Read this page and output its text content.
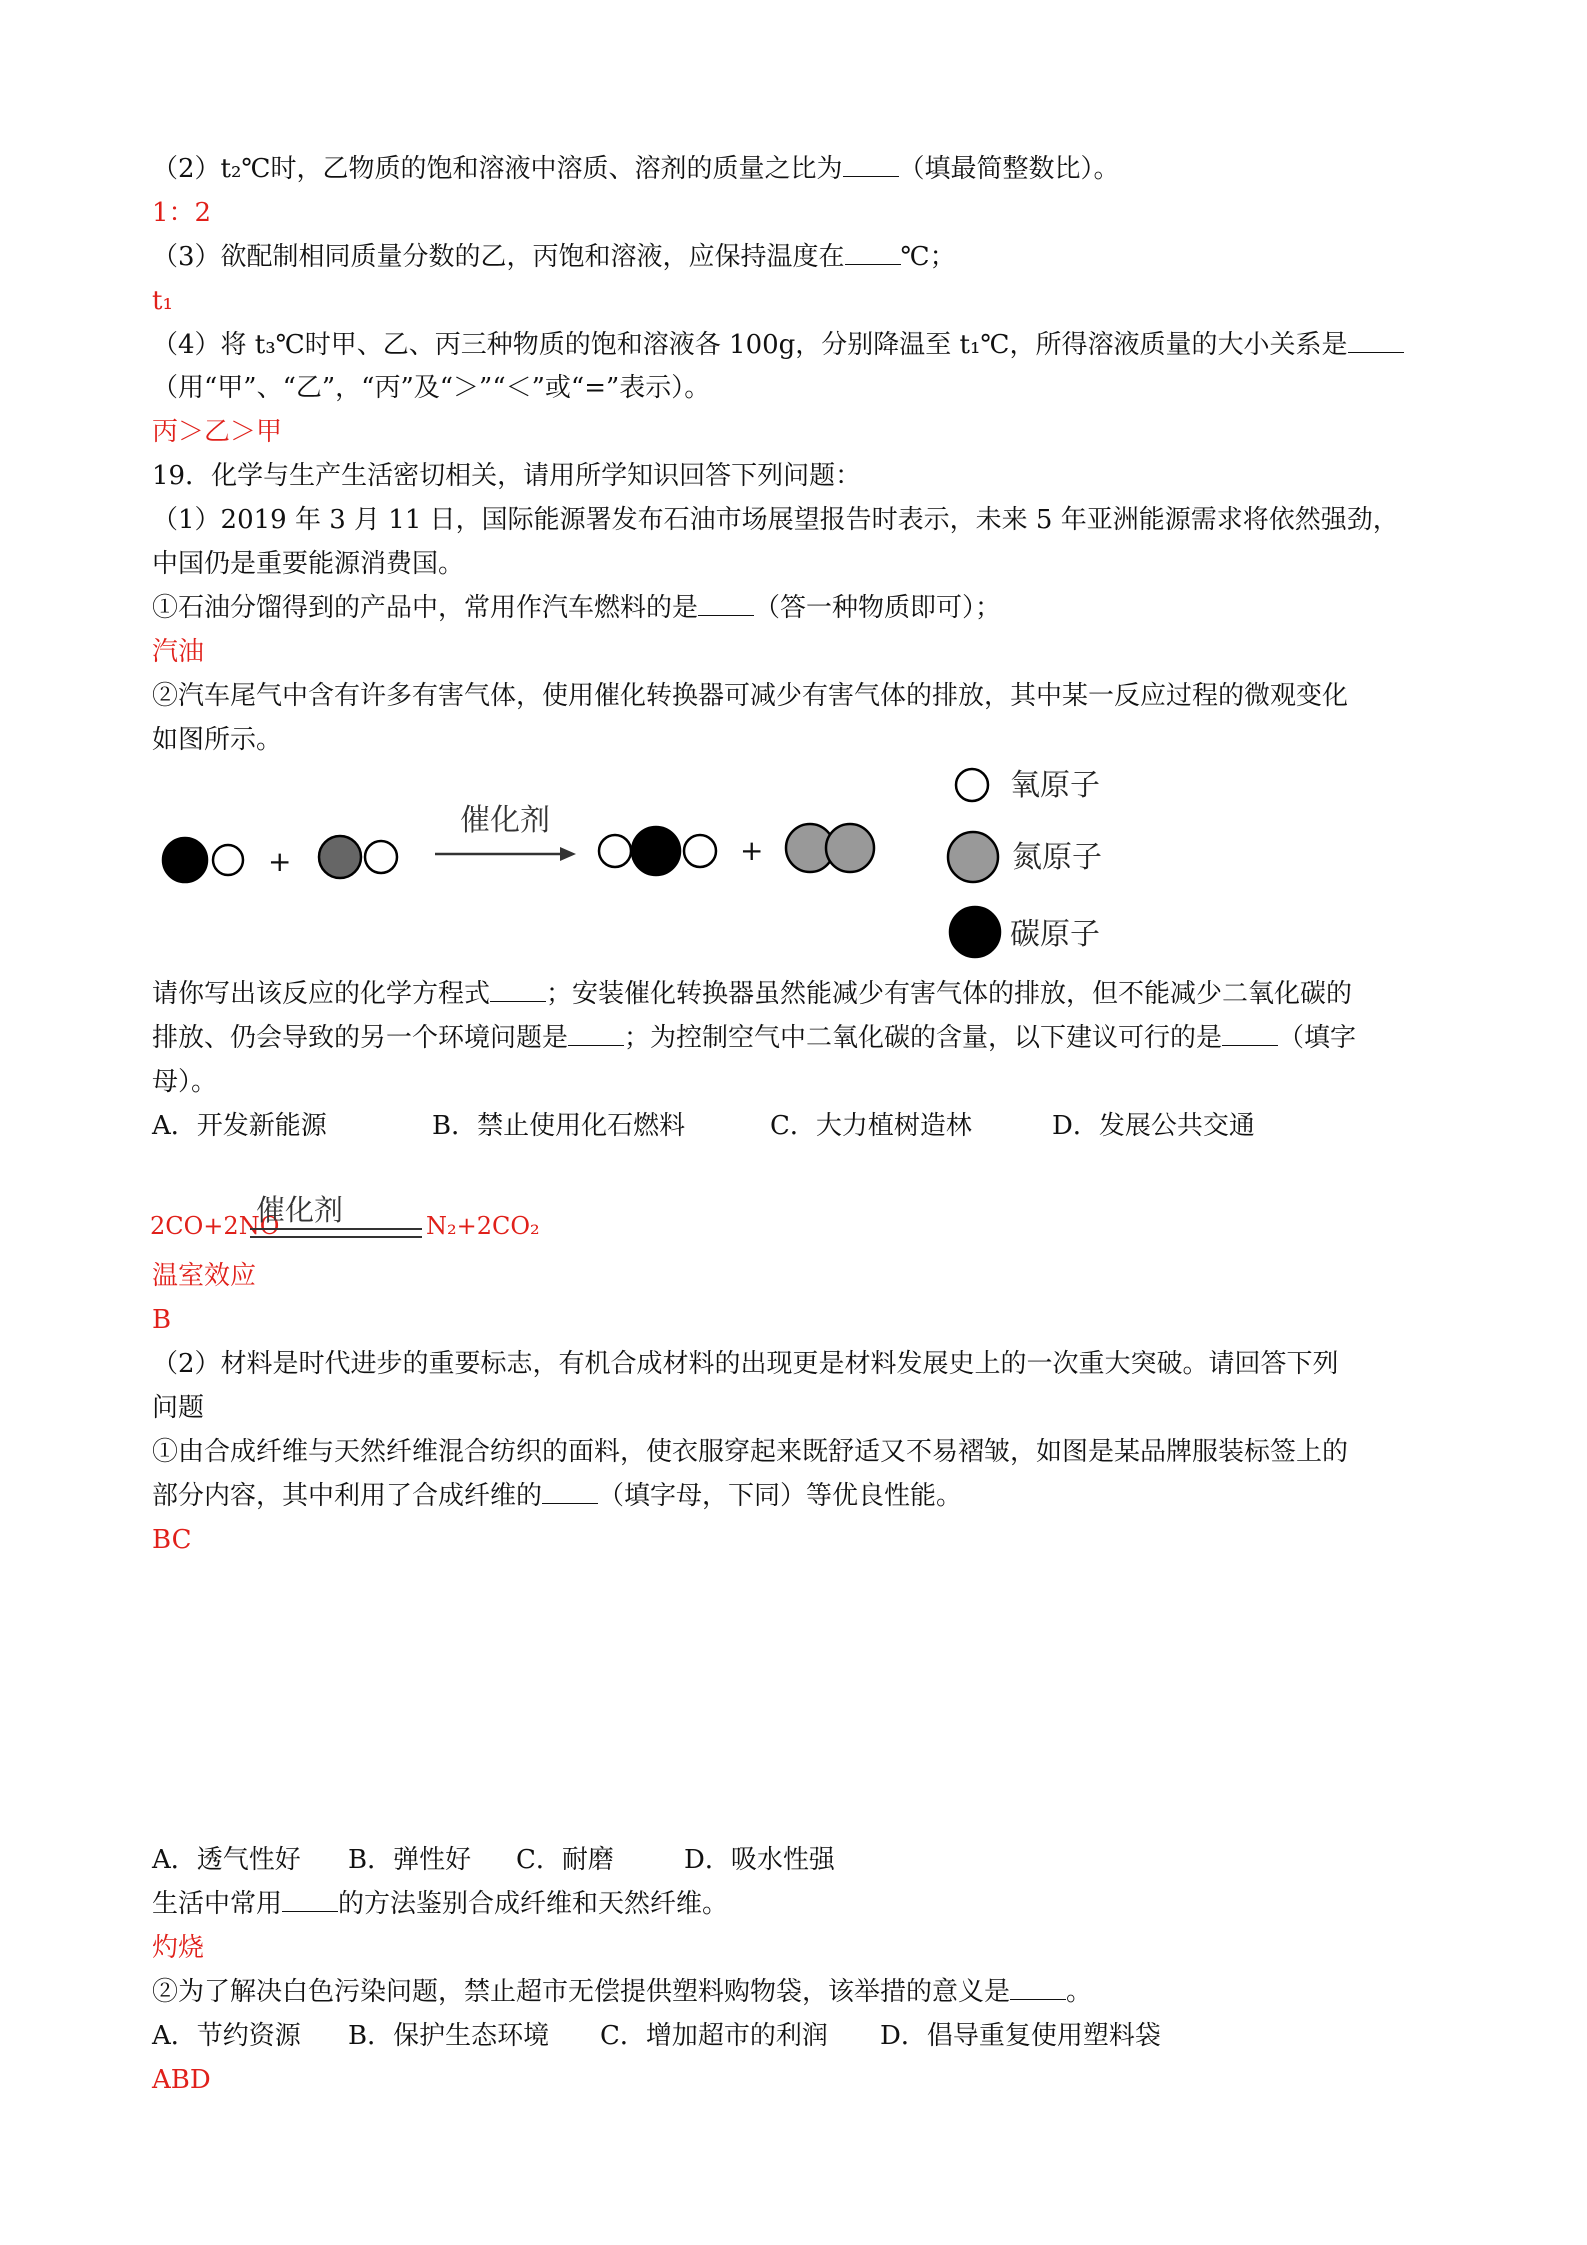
（2）t₂℃时，乙物质的饱和溶液中溶质、溶剂的质量之比为 （填最简整数比）。
1：2
（3）欲配制相同质量分数的乙，丙饱和溶液，应保持温度在 ℃；
t₁
（4）将 t₃℃时甲、乙、丙三种物质的饱和溶液各 100g，分别降温至 t₁℃，所得溶液质量的大小关系是
（用“甲”、“乙”，“丙”及“＞”“＜”或“=”表示）。
丙＞乙＞甲
19．化学与生产生活密切相关，请用所学知识回答下列问题：
（1）2019 年 3 月 11 日，国际能源署发布石油市场展望报告时表示，未来 5 年亚洲能源需求将依然强劲，
中国仍是重要能源消费国。
①石油分馏得到的产品中，常用作汽车燃料的是 （答一种物质即可）；
汽油
②汽车尾气中含有许多有害气体，使用催化转换器可减少有害气体的排放，其中某一反应过程的微观变化
如图所示。
+	+
催化剂
氧原子
氮原子
碳原子
请你写出该反应的化学方程式 ；安装催化转换器虽然能减少有害气体的排放，但不能减少二氧化碳的
排放、仍会导致的另一个环境问题是 ；为控制空气中二氧化碳的含量，以下建议可行的是 （填字
母）。
A．开发新能源	B．禁止使用化石燃料	C．大力植树造林	D．发展公共交通
2CO+2NO
催化剂	N₂+2CO₂
温室效应
B
（2）材料是时代进步的重要标志，有机合成材料的出现更是材料发展史上的一次重大突破。请回答下列
问题
①由合成纤维与天然纤维混合纺织的面料，使衣服穿起来既舒适又不易褶皱，如图是某品牌服装标签上的
部分内容，其中利用了合成纤维的 （填字母，下同）等优良性能。
BC
A．透气性好 B．弹性好 C．耐磨	D．吸水性强
生活中常用 的方法鉴别合成纤维和天然纤维。
灼烧
②为了解决白色污染问题，禁止超市无偿提供塑料购物袋，该举措的意义是 。
A．节约资源 B．保护生态环境 C．增加超市的利润 D．倡导重复使用塑料袋
ABD
